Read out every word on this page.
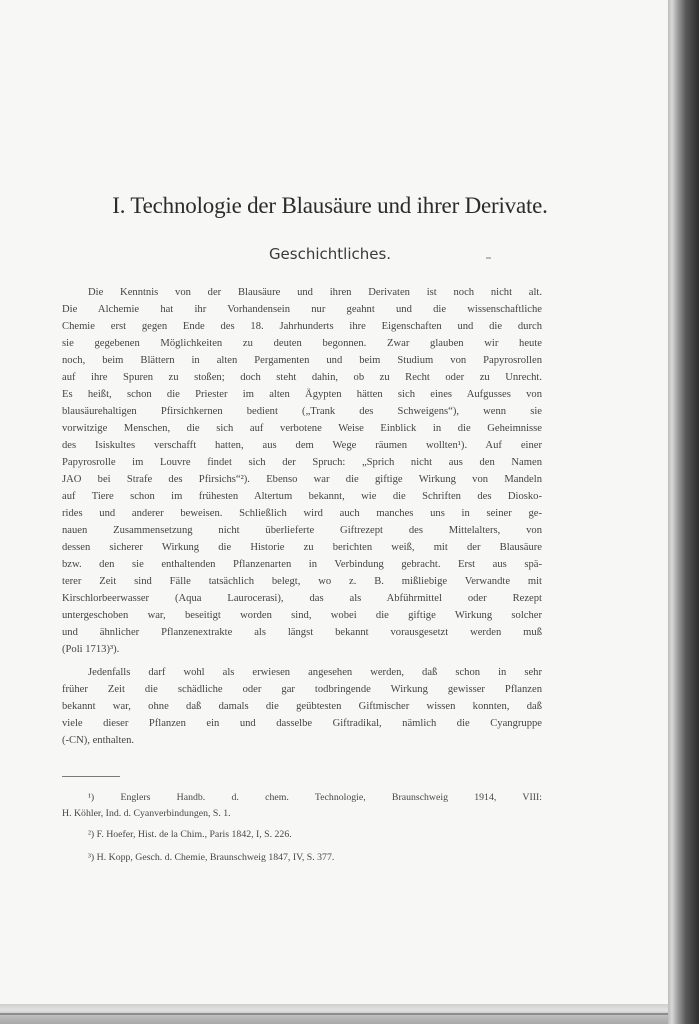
I. Technologie der Blausäure und ihrer Derivate.
Geschichtliches.
Die Kenntnis von der Blausäure und ihren Derivaten ist noch nicht alt.
Die Alchemie hat ihr Vorhandensein nur geahnt und die wissenschaftliche
Chemie erst gegen Ende des 18. Jahrhunderts ihre Eigenschaften und die durch
sie gegebenen Möglichkeiten zu deuten begonnen. Zwar glauben wir heute
noch, beim Blättern in alten Pergamenten und beim Studium von Papyrosrollen
auf ihre Spuren zu stoßen; doch steht dahin, ob zu Recht oder zu Unrecht.
Es heißt, schon die Priester im alten Ägypten hätten sich eines Aufgusses von
blausäurehaltigen Pfirsichkernen bedient („Trank des Schweigens“), wenn sie
vorwitzige Menschen, die sich auf verbotene Weise Einblick in die Geheimnisse
des Isiskultes verschafft hatten, aus dem Wege räumen wollten¹). Auf einer
Papyrosrolle im Louvre findet sich der Spruch: „Sprich nicht aus den Namen
JAO bei Strafe des Pfirsichs“²). Ebenso war die giftige Wirkung von Mandeln
auf Tiere schon im frühesten Altertum bekannt, wie die Schriften des Diosko-
rides und anderer beweisen. Schließlich wird auch manches uns in seiner ge-
nauen Zusammensetzung nicht überlieferte Giftrezept des Mittelalters, von
dessen sicherer Wirkung die Historie zu berichten weiß, mit der Blausäure
bzw. den sie enthaltenden Pflanzenarten in Verbindung gebracht. Erst aus spä-
terer Zeit sind Fälle tatsächlich belegt, wo z. B. mißliebige Verwandte mit
Kirschlorbeerwasser (Aqua Laurocerasi), das als Abführmittel oder Rezept
untergeschoben war, beseitigt worden sind, wobei die giftige Wirkung solcher
und ähnlicher Pflanzenextrakte als längst bekannt vorausgesetzt werden muß
(Poli 1713)³).
Jedenfalls darf wohl als erwiesen angesehen werden, daß schon in sehr
früher Zeit die schädliche oder gar todbringende Wirkung gewisser Pflanzen
bekannt war, ohne daß damals die geübtesten Giftmischer wissen konnten, daß
viele dieser Pflanzen ein und dasselbe Giftradikal, nämlich die Cyangruppe
(-CN), enthalten.
¹) Englers Handb. d. chem. Technologie, Braunschweig 1914, VIII:
H. Köhler, Ind. d. Cyanverbindungen, S. 1.
²) F. Hoefer, Hist. de la Chim., Paris 1842, I, S. 226.
³) H. Kopp, Gesch. d. Chemie, Braunschweig 1847, IV, S. 377.
